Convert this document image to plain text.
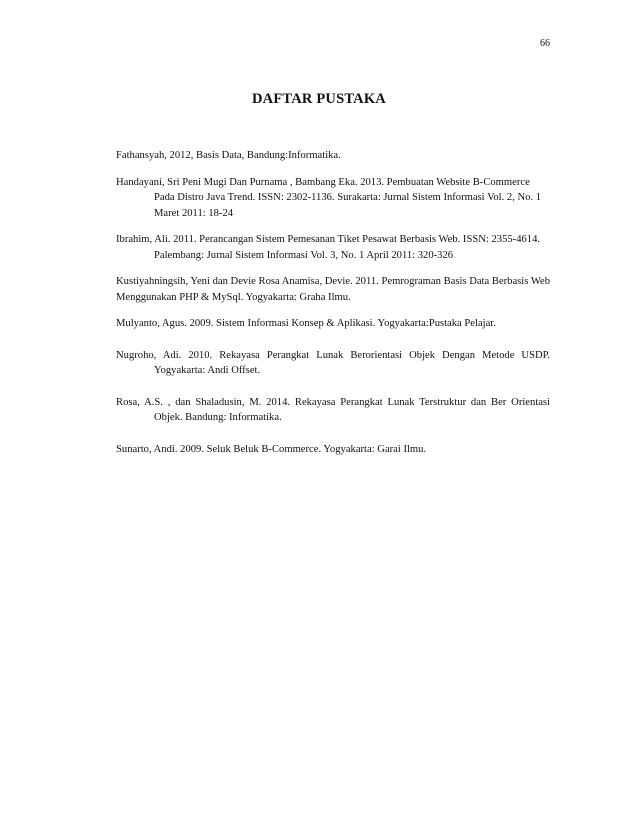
66
DAFTAR PUSTAKA
Fathansyah, 2012, Basis Data, Bandung:Informatika.
Handayani, Sri Peni Mugi Dan Purnama , Bambang Eka. 2013. Pembuatan Website B-Commerce Pada Distro Java Trend. ISSN: 2302-1136. Surakarta: Jurnal Sistem Informasi Vol. 2, No. 1 Maret 2011: 18-24
Ibrahim, Ali. 2011. Perancangan Sistem Pemesanan Tiket Pesawat Berbasis Web. ISSN: 2355-4614. Palembang: Jurnal Sistem Informasi Vol. 3, No. 1 April 2011: 320-326
Kustiyahningsih, Yeni dan Devie Rosa Anamisa, Devie. 2011. Pemrograman Basis Data Berbasis Web Menggunakan PHP & MySql. Yogyakarta: Graha Ilmu.
Mulyanto, Agus. 2009. Sistem Informasi Konsep & Aplikasi. Yogyakarta:Pustaka Pelajar.
Nugroho, Adi. 2010. Rekayasa Perangkat Lunak Berorientasi Objek Dengan Metode USDP. Yogyakarta: Andi Offset.
Rosa, A.S. , dan Shaladusin, M. 2014. Rekayasa Perangkat Lunak Terstruktur dan Ber Orientasi Objek. Bandung: Informatika.
Sunarto, Andi. 2009. Seluk Beluk B-Commerce. Yogyakarta: Garai Ilmu.
